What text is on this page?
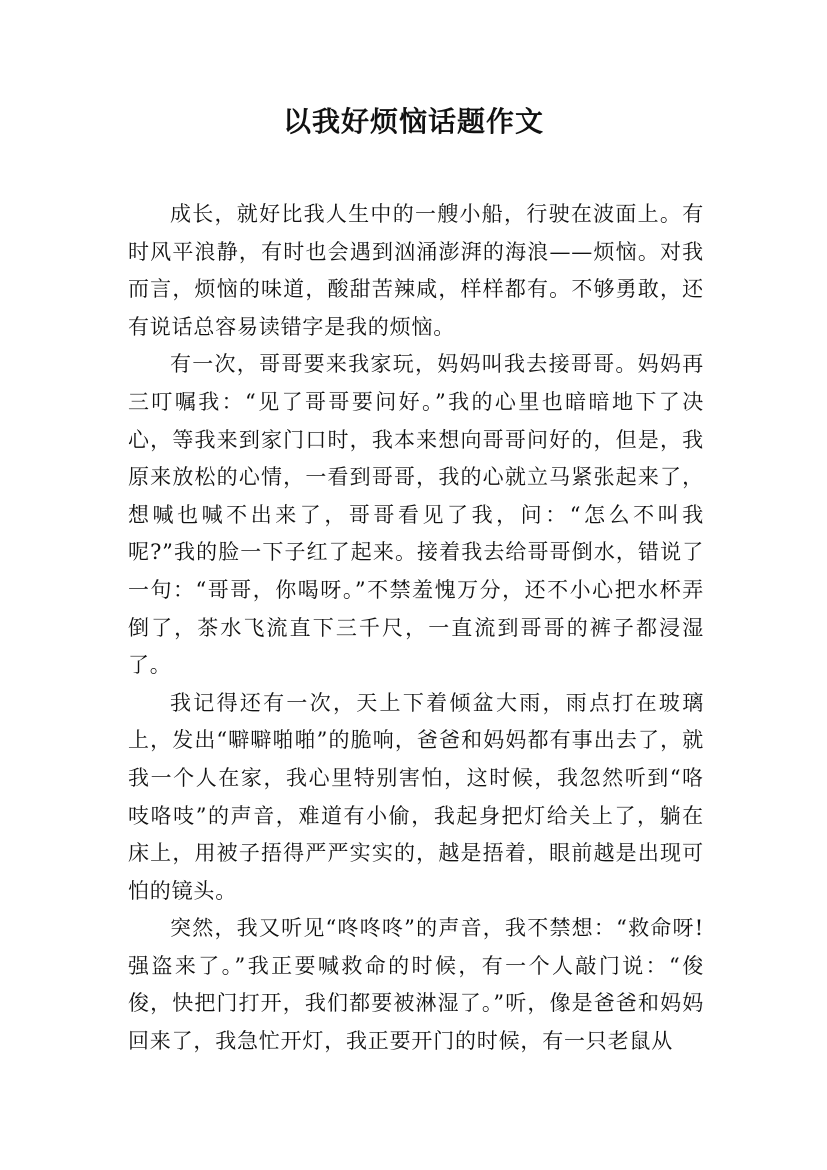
以我好烦恼话题作文

成长，就好比我人生中的一艘小船，行驶在波面上。有时风平浪静，有时也会遇到汹涌澎湃的海浪——烦恼。对我而言，烦恼的味道，酸甜苦辣咸，样样都有。不够勇敢，还有说话总容易读错字是我的烦恼。

有一次，哥哥要来我家玩，妈妈叫我去接哥哥。妈妈再三叮嘱我：“见了哥哥要问好。”我的心里也暗暗地下了决心，等我来到家门口时，我本来想向哥哥问好的，但是，我原来放松的心情，一看到哥哥，我的心就立马紧张起来了，想喊也喊不出来了，哥哥看见了我，问：“怎么不叫我呢?”我的脸一下子红了起来。接着我去给哥哥倒水，错说了一句：“哥哥，你喝呀。”不禁羞愧万分，还不小心把水杯弄倒了，茶水飞流直下三千尺，一直流到哥哥的裤子都浸湿了。

我记得还有一次，天上下着倾盆大雨，雨点打在玻璃上，发出“噼噼啪啪”的脆响，爸爸和妈妈都有事出去了，就我一个人在家，我心里特别害怕，这时候，我忽然听到“咯吱咯吱”的声音，难道有小偷，我起身把灯给关上了，躺在床上，用被子捂得严严实实的，越是捂着，眼前越是出现可怕的镜头。

突然，我又听见“咚咚咚”的声音，我不禁想：“救命呀!强盗来了。”我正要喊救命的时候，有一个人敲门说：“俊俊，快把门打开，我们都要被淋湿了。”听，像是爸爸和妈妈回来了，我急忙开灯，我正要开门的时候，有一只老鼠从
